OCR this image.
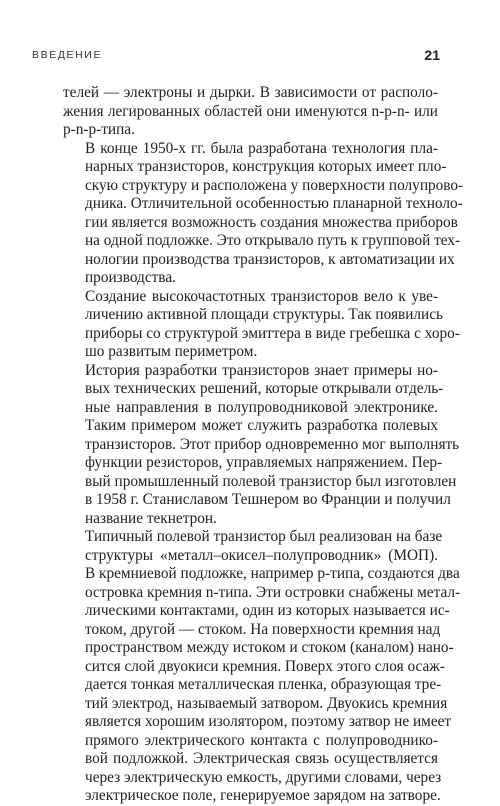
ВВЕДЕНИЕ	21

телей — электроны и дырки. В зависимости от располо-
жения легированных областей они именуются n-p-n- или
p-n-p-типа.

В конце 1950-х гг. была разработана технология пла-
нарных транзисторов, конструкция которых имеет пло-
скую структуру и расположена у поверхности полупрово-
дника. Отличительной особенностью планарной техноло-
гии является возможность создания множества приборов
на одной подложке. Это открывало путь к групповой тех-
нологии производства транзисторов, к автоматизации их
производства.

Создание высокочастотных транзисторов вело к уве-
личению активной площади структуры. Так появились
приборы со структурой эмиттера в виде гребешка с хоро-
шо развитым периметром.

История разработки транзисторов знает примеры но-
вых технических решений, которые открывали отдель-
ные направления в полупроводниковой электронике.
Таким примером может служить разработка полевых
транзисторов. Этот прибор одновременно мог выполнять
функции резисторов, управляемых напряжением. Пер-
вый промышленный полевой транзистор был изготовлен
в 1958 г. Станиславом Тешнером во Франции и получил
название текнетрон.

Типичный полевой транзистор был реализован на базе
структуры «металл–окисел–полупроводник» (МОП).
В кремниевой подложке, например p-типа, создаются два
островка кремния n-типа. Эти островки снабжены метал-
лическими контактами, один из которых называется ис-
током, другой — стоком. На поверхности кремния над
пространством между истоком и стоком (каналом) нано-
сится слой двуокиси кремния. Поверх этого слоя осаж-
дается тонкая металлическая пленка, образующая тре-
тий электрод, называемый затвором. Двуокись кремния
является хорошим изолятором, поэтому затвор не имеет
прямого электрического контакта с полупроводнико-
вой подложкой. Электрическая связь осуществляется
через электрическую емкость, другими словами, через
электрическое поле, генерируемое зарядом на затворе.
